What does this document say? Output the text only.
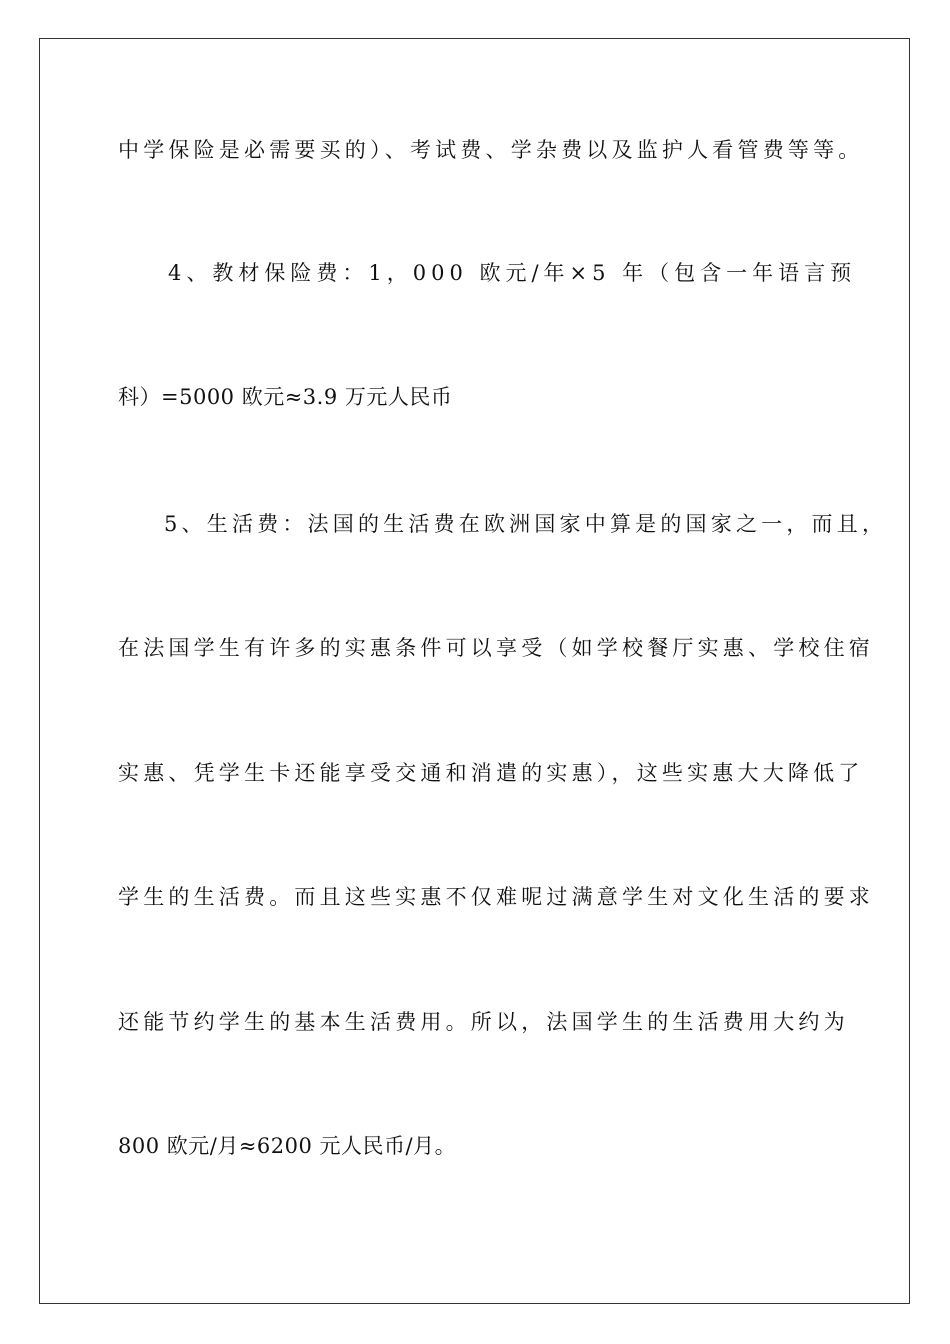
中学保险是必需要买的）、考试费、学杂费以及监护人看管费等等。
4、教材保险费：1，000 欧元/年×5 年（包含一年语言预
科）=5000 欧元≈3.9 万元人民币
5、生活费：法国的生活费在欧洲国家中算是的国家之一，而且，
在法国学生有许多的实惠条件可以享受（如学校餐厅实惠、学校住宿
实惠、凭学生卡还能享受交通和消遣的实惠），这些实惠大大降低了
学生的生活费。而且这些实惠不仅难呢过满意学生对文化生活的要求
还能节约学生的基本生活费用。所以，法国学生的生活费用大约为
800 欧元/月≈6200 元人民币/月。
